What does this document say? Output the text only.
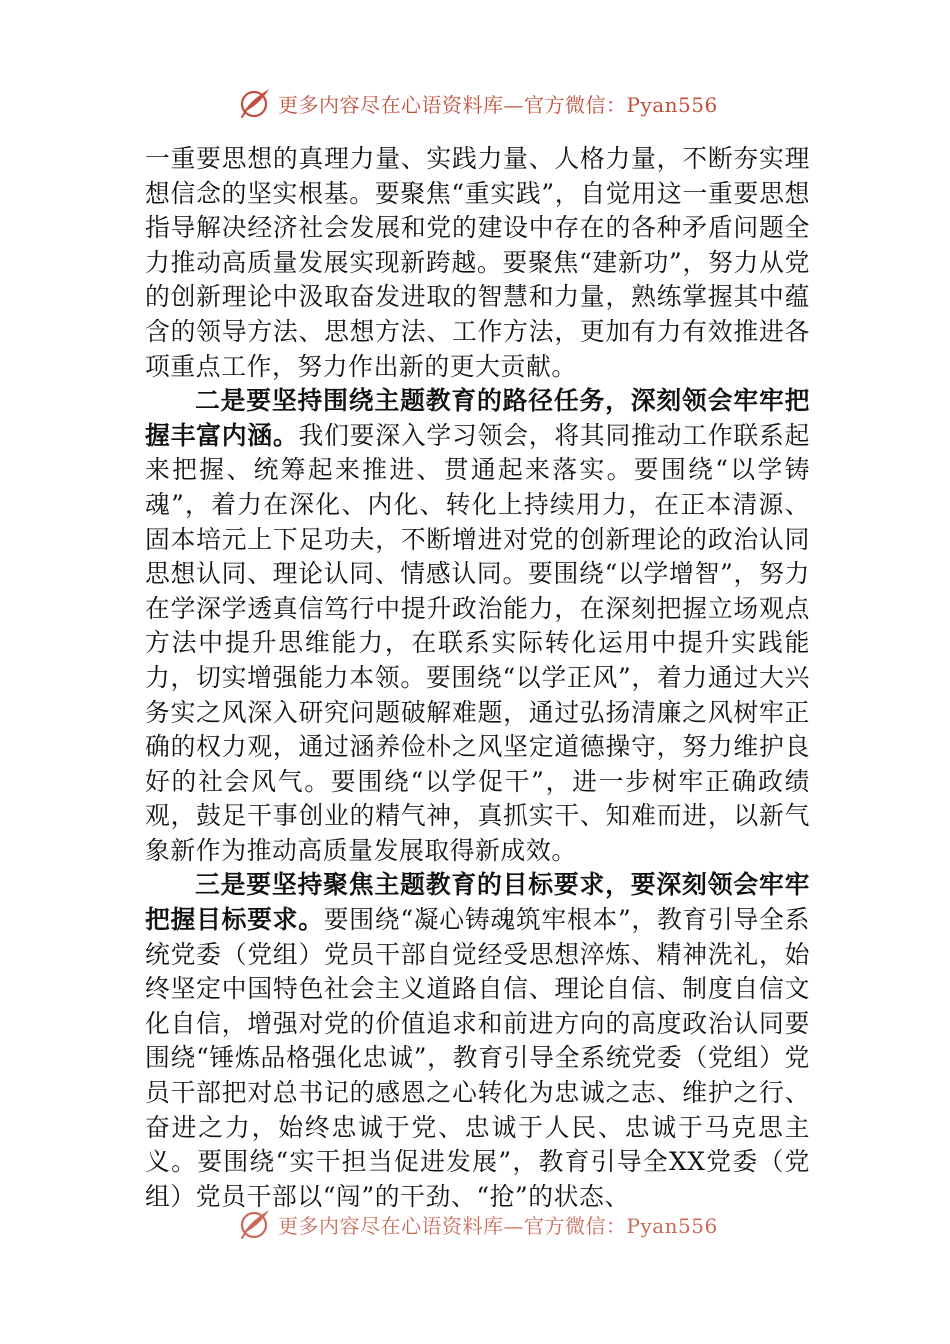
更多内容尽在心语资料库—官方微信：Pyan556

一重要思想的真理力量、实践力量、人格力量，不断夯实理想信念的坚实根基。要聚焦“重实践”，自觉用这一重要思想指导解决经济社会发展和党的建设中存在的各种矛盾问题全力推动高质量发展实现新跨越。要聚焦“建新功”，努力从党的创新理论中汲取奋发进取的智慧和力量，熟练掌握其中蕴含的领导方法、思想方法、工作方法，更加有力有效推进各项重点工作，努力作出新的更大贡献。

二是要坚持围绕主题教育的路径任务，深刻领会牢牢把握丰富内涵。我们要深入学习领会，将其同推动工作联系起来把握、统筹起来推进、贯通起来落实。要围绕“以学铸魂”，着力在深化、内化、转化上持续用力，在正本清源、固本培元上下足功夫，不断增进对党的创新理论的政治认同思想认同、理论认同、情感认同。要围绕“以学增智”，努力在学深学透真信笃行中提升政治能力，在深刻把握立场观点方法中提升思维能力，在联系实际转化运用中提升实践能力，切实增强能力本领。要围绕“以学正风”，着力通过大兴务实之风深入研究问题破解难题，通过弘扬清廉之风树牢正确的权力观，通过涵养俭朴之风坚定道德操守，努力维护良好的社会风气。要围绕“以学促干”，进一步树牢正确政绩观，鼓足干事创业的精气神，真抓实干、知难而进，以新气象新作为推动高质量发展取得新成效。

三是要坚持聚焦主题教育的目标要求，要深刻领会牢牢把握目标要求。要围绕“凝心铸魂筑牢根本”，教育引导全系统党委（党组）党员干部自觉经受思想淬炼、精神洗礼，始终坚定中国特色社会主义道路自信、理论自信、制度自信文化自信，增强对党的价值追求和前进方向的高度政治认同要围绕“锤炼品格强化忠诚”，教育引导全系统党委（党组）党员干部把对总书记的感恩之心转化为忠诚之志、维护之行、奋进之力，始终忠诚于党、忠诚于人民、忠诚于马克思主义。要围绕“实干担当促进发展”，教育引导全XX党委（党组）党员干部以“闯”的干劲、“抢”的状态、

更多内容尽在心语资料库—官方微信：Pyan556
